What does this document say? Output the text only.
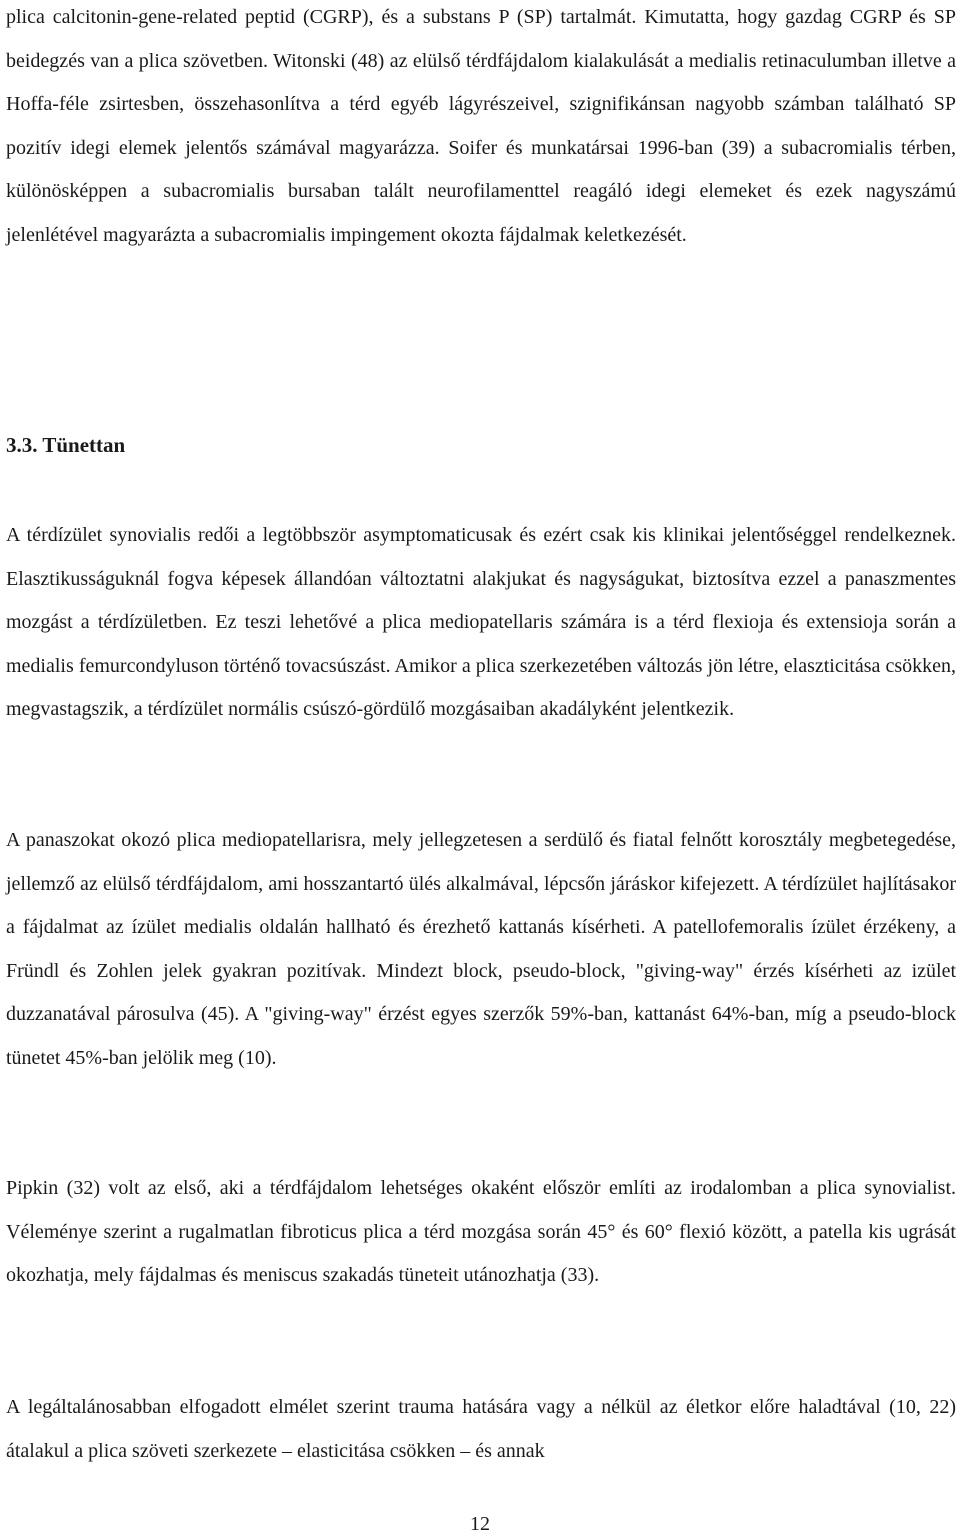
plica calcitonin-gene-related peptid (CGRP), és a substans P (SP) tartalmát. Kimutatta, hogy gazdag CGRP és SP beidegzés van a plica szövetben. Witonski (48) az elülső térdfájdalom kialakulását a medialis retinaculumban illetve a Hoffa-féle zsirtesben, összehasonlítva a térd egyéb lágyrészeivel, szignifikánsan nagyobb számban található SP pozitív idegi elemek jelentős számával magyarázza. Soifer és munkatársai 1996-ban (39) a subacromialis térben, különösképpen a subacromialis bursaban talált neurofilamenttel reagáló idegi elemeket és ezek nagyszámú jelenlétével magyarázta a subacromialis impingement okozta fájdalmak keletkezését.

3.3. Tünettan

A térdízület synovialis redői a legtöbbször asymptomaticusak és ezért csak kis klinikai jelentőséggel rendelkeznek. Elasztikusságuknál fogva képesek állandóan változtatni alakjukat és nagyságukat, biztosítva ezzel a panaszmentes mozgást a térdízületben. Ez teszi lehetővé a plica mediopatellaris számára is a térd flexioja és extensioja során a medialis femurcondyluson történő tovacsúszást. Amikor a plica szerkezetében változás jön létre, elaszticitása csökken, megvastagszik, a térdízület normális csúszó-gördülő mozgásaiban akadályként jelentkezik.

A panaszokat okozó plica mediopatellarisra, mely jellegzetesen a serdülő és fiatal felnőtt korosztály megbetegedése, jellemző az elülső térdfájdalom, ami hosszantartó ülés alkalmával, lépcsőn járáskor kifejezett. A térdízület hajlításakor a fájdalmat az ízület medialis oldalán hallható és érezhető kattanás kísérheti. A patellofemoralis ízület érzékeny, a Fründl és Zohlen jelek gyakran pozitívak. Mindezt block, pseudo-block, "giving-way" érzés kísérheti az izület duzzanatával párosulva (45). A "giving-way" érzést egyes szerzők 59%-ban, kattanást 64%-ban, míg a pseudo-block tünetet 45%-ban jelölik meg (10).

Pipkin (32) volt az első, aki a térdfájdalom lehetséges okaként először említi az irodalomban a plica synovialist. Véleménye szerint a rugalmatlan fibroticus plica a térd mozgása során 45° és 60° flexió között, a patella kis ugrását okozhatja, mely fájdalmas és meniscus szakadás tüneteit utánozhatja (33).

A legáltalánosabban elfogadott elmélet szerint trauma hatására vagy a nélkül az életkor előre haladtával (10, 22) átalakul a plica szöveti szerkezete – elasticitása csökken – és annak

12
